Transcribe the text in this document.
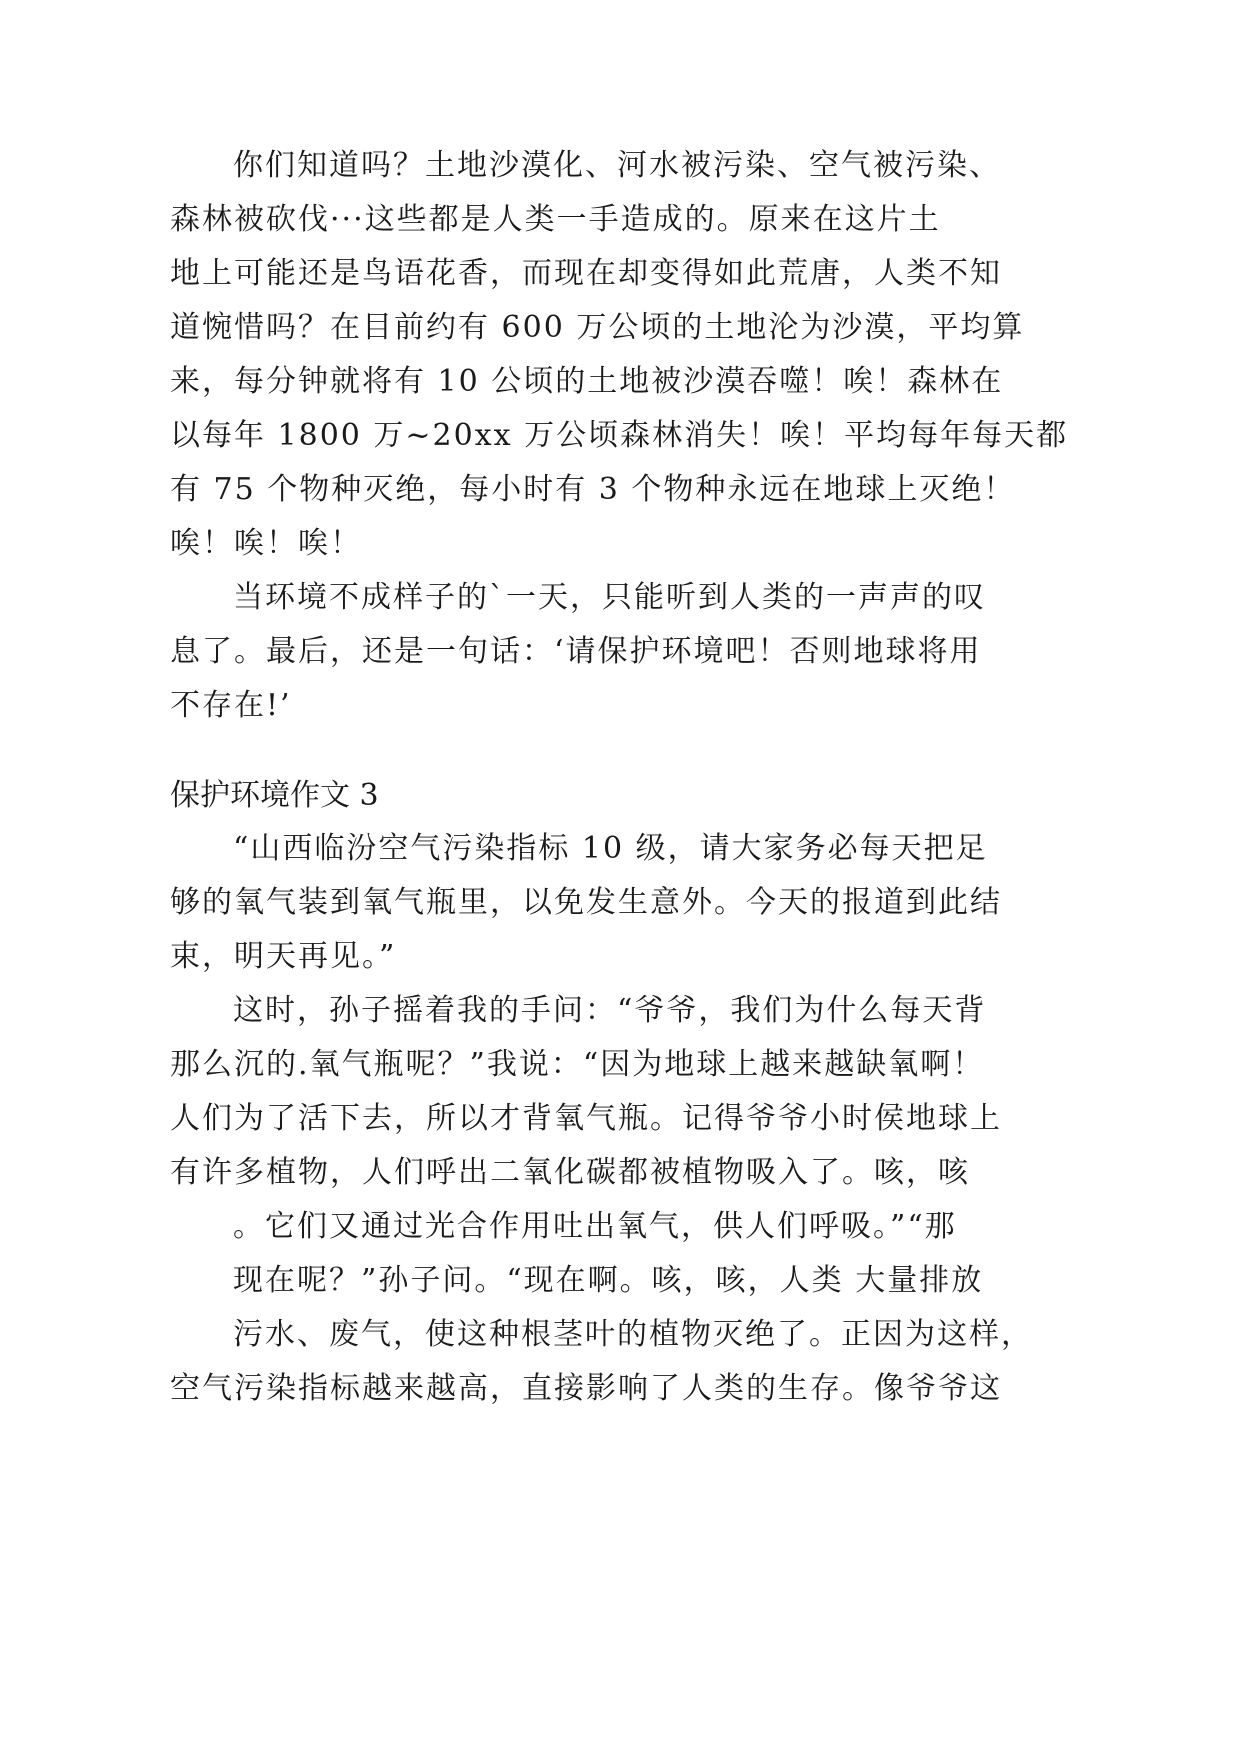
你们知道吗？土地沙漠化、河水被污染、空气被污染、
森林被砍伐···这些都是人类一手造成的。原来在这片土
地上可能还是鸟语花香，而现在却变得如此荒唐，人类不知
道惋惜吗？在目前约有 600 万公顷的土地沦为沙漠，平均算
来，每分钟就将有 10 公顷的土地被沙漠吞噬！唉！森林在
以每年 1800 万~20xx 万公顷森林消失！唉！平均每年每天都
有 75 个物种灭绝，每小时有 3 个物种永远在地球上灭绝！
唉！唉！唉！
当环境不成样子的`一天，只能听到人类的一声声的叹
息了。最后，还是一句话：‘请保护环境吧！否则地球将用
不存在!’
保护环境作文 3
“山西临汾空气污染指标 10 级，请大家务必每天把足
够的氧气装到氧气瓶里，以免发生意外。今天的报道到此结
束，明天再见。”
这时，孙子摇着我的手问：“爷爷，我们为什么每天背
那么沉的.氧气瓶呢？”我说：“因为地球上越来越缺氧啊！
人们为了活下去，所以才背氧气瓶。记得爷爷小时侯地球上
有许多植物，人们呼出二氧化碳都被植物吸入了。咳，咳
。它们又通过光合作用吐出氧气，供人们呼吸。”“那
现在呢？”孙子问。“现在啊。咳，咳，人类 大量排放
污水、废气，使这种根茎叶的植物灭绝了。正因为这样，
空气污染指标越来越高，直接影响了人类的生存。像爷爷这
